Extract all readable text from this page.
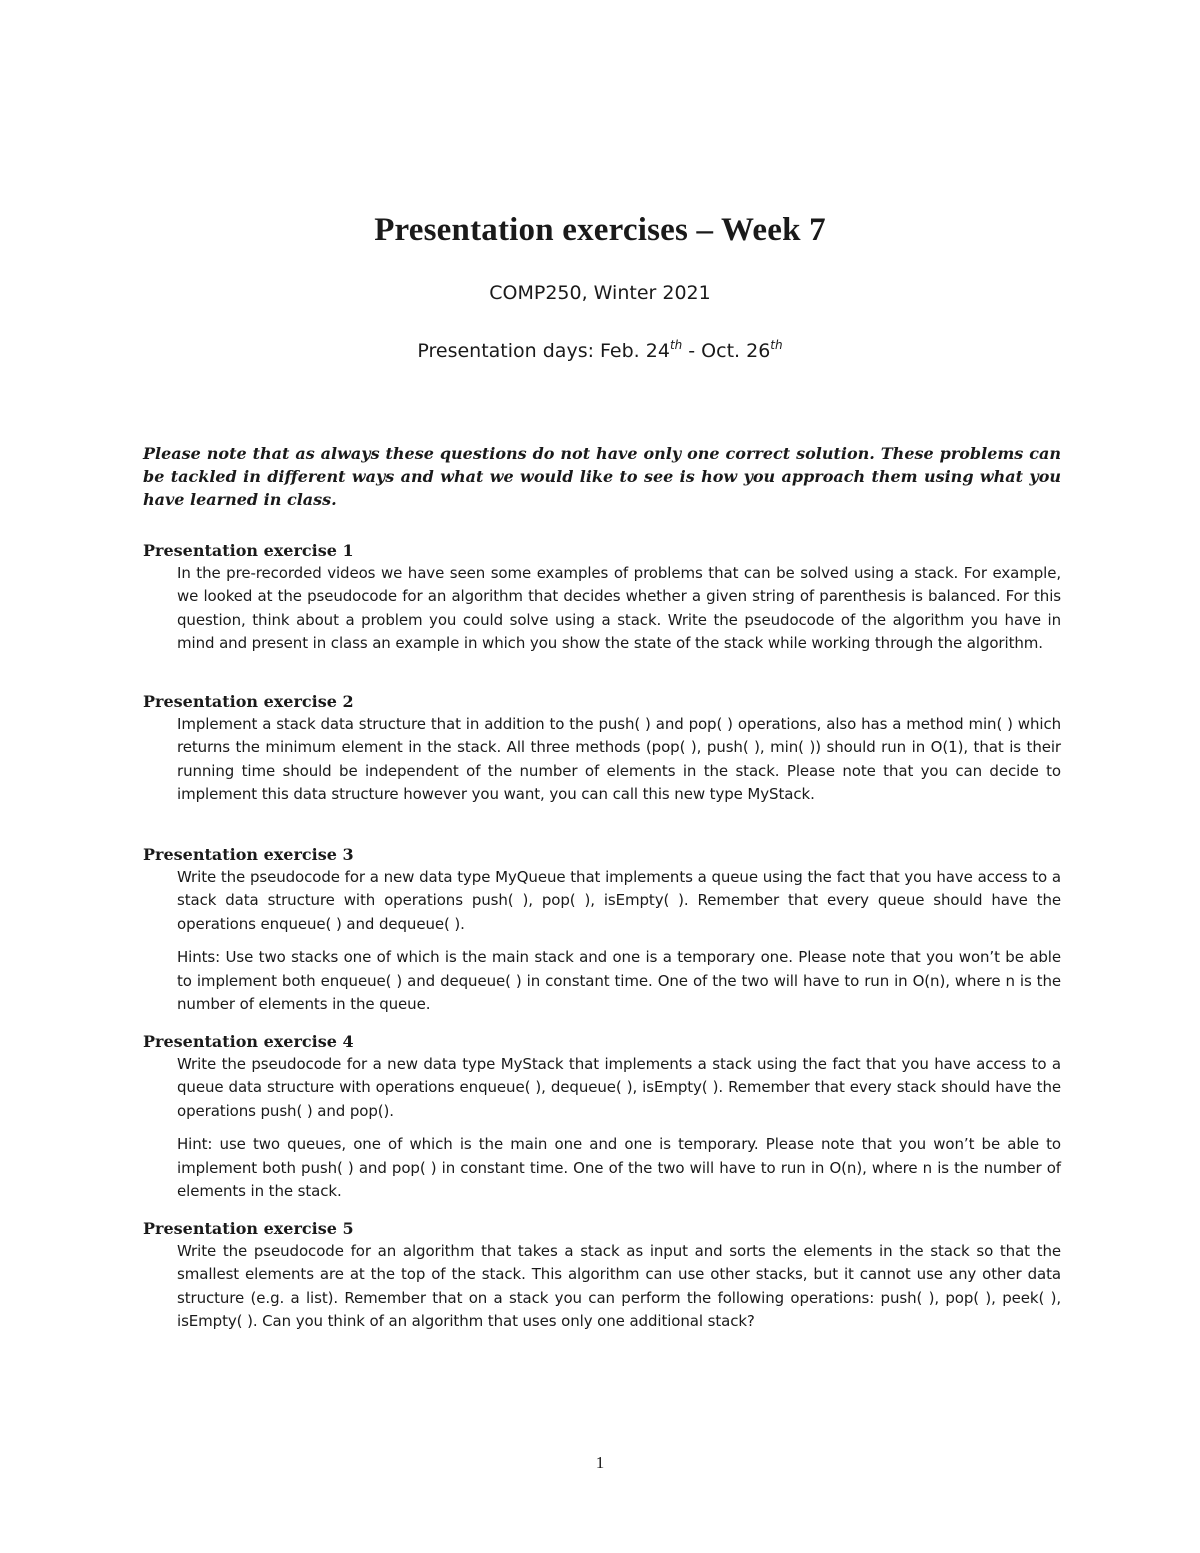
Presentation exercises – Week 7
COMP250, Winter 2021
Presentation days: Feb. 24th - Oct. 26th
Please note that as always these questions do not have only one correct solution. These problems can be tackled in different ways and what we would like to see is how you approach them using what you have learned in class.
Presentation exercise 1

In the pre-recorded videos we have seen some examples of problems that can be solved using a stack. For example, we looked at the pseudocode for an algorithm that decides whether a given string of parenthesis is balanced. For this question, think about a problem you could solve using a stack. Write the pseudocode of the algorithm you have in mind and present in class an example in which you show the state of the stack while working through the algorithm.

Presentation exercise 2

Implement a stack data structure that in addition to the push( ) and pop( ) operations, also has a method min( ) which returns the minimum element in the stack. All three methods (pop( ), push( ), min( )) should run in O(1), that is their running time should be independent of the number of elements in the stack. Please note that you can decide to implement this data structure however you want, you can call this new type MyStack.

Presentation exercise 3

Write the pseudocode for a new data type MyQueue that implements a queue using the fact that you have access to a stack data structure with operations push( ), pop( ), isEmpty( ). Remember that every queue should have the operations enqueue( ) and dequeue( ).

Hints: Use two stacks one of which is the main stack and one is a temporary one. Please note that you won’t be able to implement both enqueue( ) and dequeue( ) in constant time. One of the two will have to run in O(n), where n is the number of elements in the queue.

Presentation exercise 4

Write the pseudocode for a new data type MyStack that implements a stack using the fact that you have access to a queue data structure with operations enqueue( ), dequeue( ), isEmpty( ). Remember that every stack should have the operations push( ) and pop().

Hint: use two queues, one of which is the main one and one is temporary. Please note that you won’t be able to implement both push( ) and pop( ) in constant time. One of the two will have to run in O(n), where n is the number of elements in the stack.

Presentation exercise 5

Write the pseudocode for an algorithm that takes a stack as input and sorts the elements in the stack so that the smallest elements are at the top of the stack. This algorithm can use other stacks, but it cannot use any other data structure (e.g. a list). Remember that on a stack you can perform the following operations: push( ), pop( ), peek( ), isEmpty( ). Can you think of an algorithm that uses only one additional stack?

1
